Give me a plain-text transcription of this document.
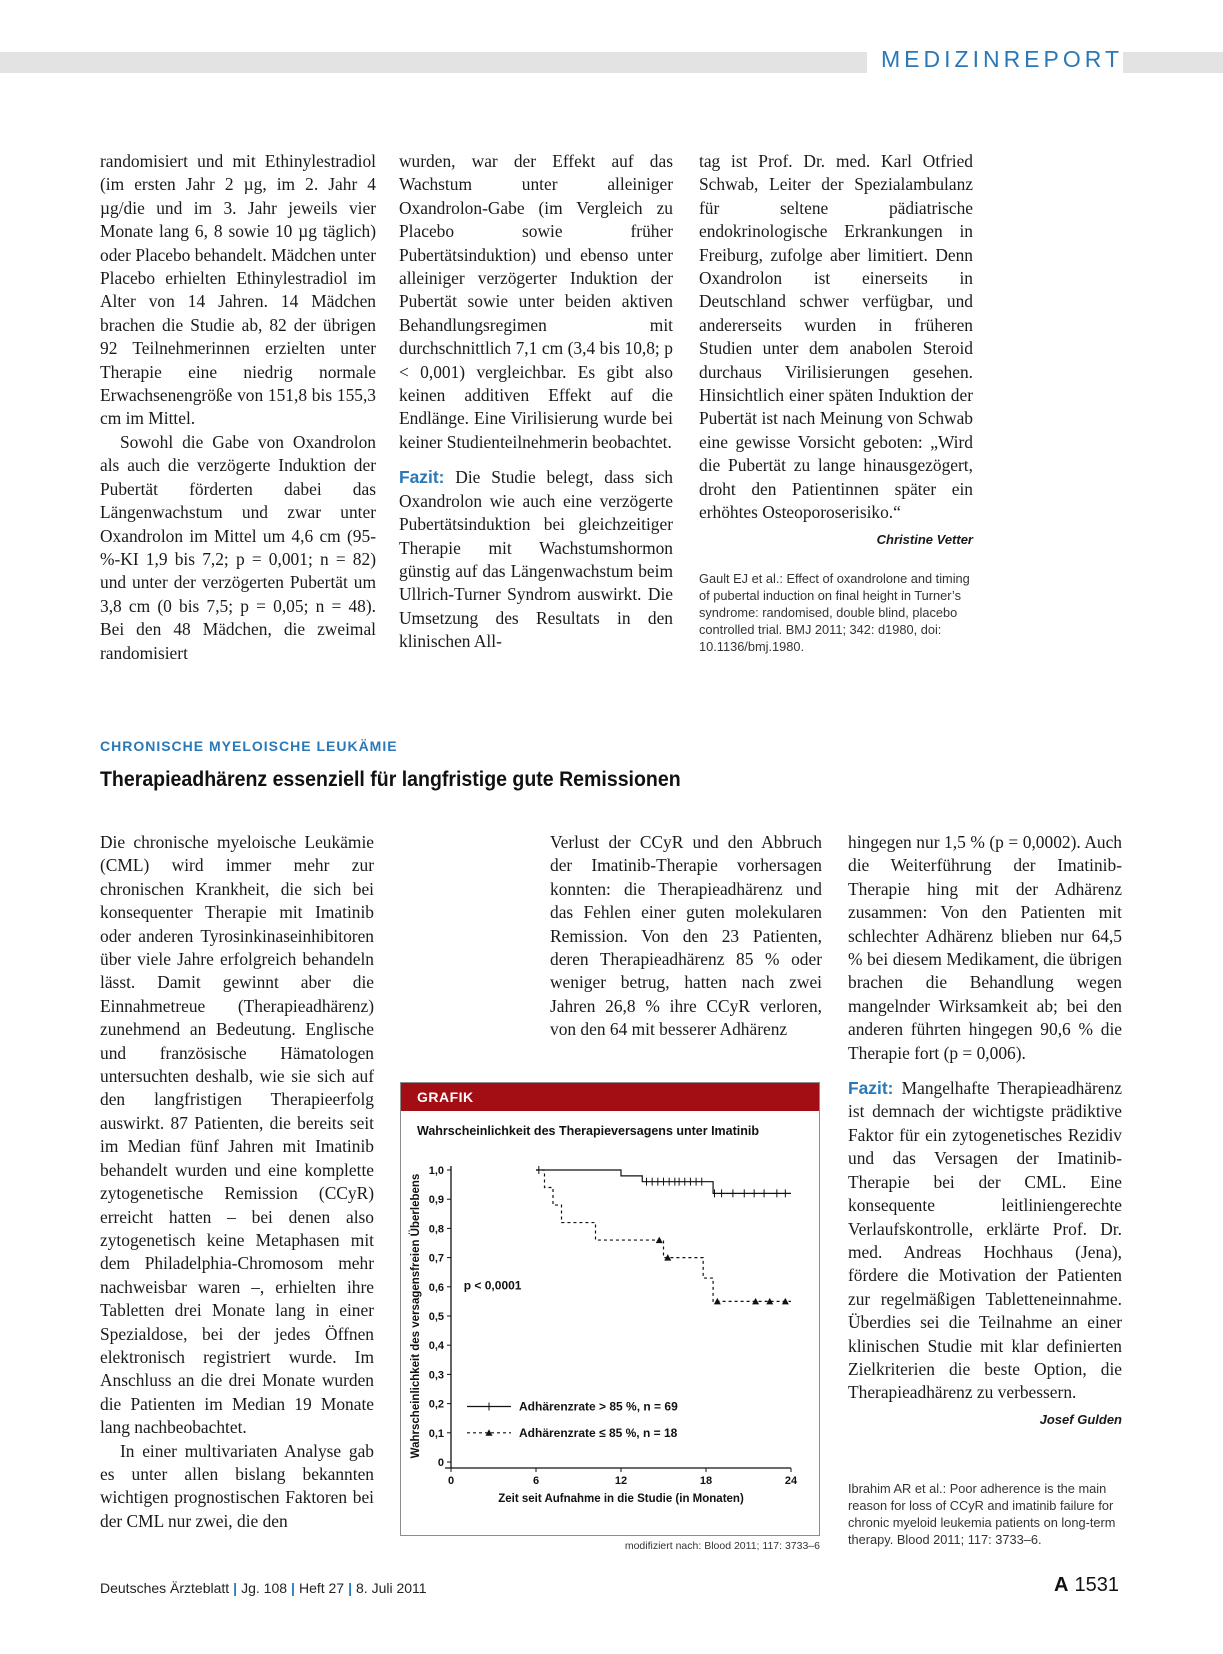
MEDIZINREPORT

randomisiert und mit Ethinylestradiol (im ersten Jahr 2 µg, im 2. Jahr 4 µg/die und im 3. Jahr jeweils vier Monate lang 6, 8 sowie 10 µg täglich) oder Placebo behandelt. Mädchen unter Placebo erhielten Ethinylestradiol im Alter von 14 Jahren. 14 Mädchen brachen die Studie ab, 82 der übrigen 92 Teilnehmerinnen erzielten unter Therapie eine niedrig normale Erwachsenengröße von 151,8 bis 155,3 cm im Mittel.

Sowohl die Gabe von Oxandrolon als auch die verzögerte Induktion der Pubertät förderten dabei das Längenwachstum und zwar unter Oxandrolon im Mittel um 4,6 cm (95-%-KI 1,9 bis 7,2; p = 0,001; n = 82) und unter der verzögerten Pubertät um 3,8 cm (0 bis 7,5; p = 0,05; n = 48). Bei den 48 Mädchen, die zweimal randomisiert

wurden, war der Effekt auf das Wachstum unter alleiniger Oxandrolon-Gabe (im Vergleich zu Placebo sowie früher Pubertätsinduktion) und ebenso unter alleiniger verzögerter Induktion der Pubertät sowie unter beiden aktiven Behandlungsregimen mit durchschnittlich 7,1 cm (3,4 bis 10,8; p < 0,001) vergleichbar. Es gibt also keinen additiven Effekt auf die Endlänge. Eine Virilisierung wurde bei keiner Studienteilnehmerin beobachtet.

Fazit: Die Studie belegt, dass sich Oxandrolon wie auch eine verzögerte Pubertätsinduktion bei gleichzeitiger Therapie mit Wachstumshormon günstig auf das Längenwachstum beim Ullrich-Turner Syndrom auswirkt. Die Umsetzung des Resultats in den klinischen All-

tag ist Prof. Dr. med. Karl Otfried Schwab, Leiter der Spezialambulanz für seltene pädiatrische endokrinologische Erkrankungen in Freiburg, zufolge aber limitiert. Denn Oxandrolon ist einerseits in Deutschland schwer verfügbar, und andererseits wurden in früheren Studien unter dem anabolen Steroid durchaus Virilisierungen gesehen. Hinsichtlich einer späten Induktion der Pubertät ist nach Meinung von Schwab eine gewisse Vorsicht geboten: „Wird die Pubertät zu lange hinausgezögert, droht den Patientinnen später ein erhöhtes Osteoporoserisiko.“
Christine Vetter

Gault EJ et al.: Effect of oxandrolone and timing of pubertal induction on final height in Turner’s syndrome: randomised, double blind, placebo controlled trial. BMJ 2011; 342: d1980, doi: 10.1136/bmj.1980.
CHRONISCHE MYELOISCHE LEUKÄMIE
Therapieadhärenz essenziell für langfristige gute Remissionen

Die chronische myeloische Leukämie (CML) wird immer mehr zur chronischen Krankheit, die sich bei konsequenter Therapie mit Imatinib oder anderen Tyrosinkinaseinhibitoren über viele Jahre erfolgreich behandeln lässt. Damit gewinnt aber die Einnahmetreue (Therapieadhärenz) zunehmend an Bedeutung. Englische und französische Hämatologen untersuchten deshalb, wie sie sich auf den langfristigen Therapieerfolg auswirkt. 87 Patienten, die bereits seit im Median fünf Jahren mit Imatinib behandelt wurden und eine komplette zytogenetische Remission (CCyR) erreicht hatten – bei denen also zytogenetisch keine Metaphasen mit dem Philadelphia-Chromosom mehr nachweisbar waren –, erhielten ihre Tabletten drei Monate lang in einer Spezialdose, bei der jedes Öffnen elektronisch registriert wurde. Im Anschluss an die drei Monate wurden die Patienten im Median 19 Monate lang nachbeobachtet.

In einer multivariaten Analyse gab es unter allen bislang bekannten wichtigen prognostischen Faktoren bei der CML nur zwei, die den

Verlust der CCyR und den Abbruch der Imatinib-Therapie vorhersagen konnten: die Therapieadhärenz und das Fehlen einer guten molekularen Remission. Von den 23 Patienten, deren Therapieadhärenz 85 % oder weniger betrug, hatten nach zwei Jahren 26,8 % ihre CCyR verloren, von den 64 mit besserer Adhärenz

hingegen nur 1,5 % (p = 0,0002). Auch die Weiterführung der Imatinib-Therapie hing mit der Adhärenz zusammen: Von den Patienten mit schlechter Adhärenz blieben nur 64,5 % bei diesem Medikament, die übrigen brachen die Behandlung wegen mangelnder Wirksamkeit ab; bei den anderen führten hingegen 90,6 % die Therapie fort (p = 0,006).

Fazit: Mangelhafte Therapieadhärenz ist demnach der wichtigste prädiktive Faktor für ein zytogenetisches Rezidiv und das Versagen der Imatinib-Therapie bei der CML. Eine konsequente leitliniengerechte Verlaufskontrolle, erklärte Prof. Dr. med. Andreas Hochhaus (Jena), fördere die Motivation der Patienten zur regelmäßigen Tabletteneinnahme. Überdies sei die Teilnahme an einer klinischen Studie mit klar definierten Zielkriterien die beste Option, die Therapieadhärenz zu verbessern.
Josef Gulden

Ibrahim AR et al.: Poor adherence is the main reason for loss of CCyR and imatinib failure for chronic myeloid leukemia patients on long-term therapy. Blood 2011; 117: 3733–6.
GRAFIK
Wahrscheinlichkeit des Therapieversagens unter Imatinib
Wahrscheinlichkeit des versagensfreien Überlebens
Zeit seit Aufnahme in die Studie (in Monaten)
p < 0,0001
0
0,1
0,2
0,3
0,4
0,5
0,6
0,7
0,8
0,9
1,0
0	6	12	18	24
Adhärenzrate > 85 %, n = 69
Adhärenzrate ≤ 85 %, n = 18
modifiziert nach: Blood 2011; 117: 3733–6
Deutsches Ärzteblatt | Jg. 108 | Heft 27 | 8. Juli 2011	A 1531
